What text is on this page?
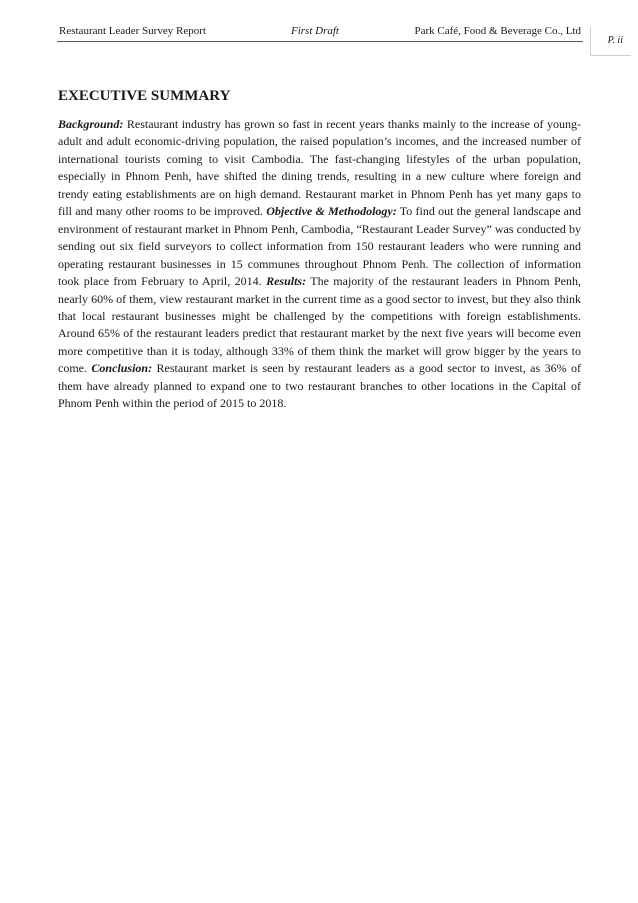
Restaurant Leader Survey Report	First Draft	Park Café, Food & Beverage Co., Ltd
P. ii
EXECUTIVE SUMMARY

Background: Restaurant industry has grown so fast in recent years thanks mainly to the increase of young-adult and adult economic-driving population, the raised population’s incomes, and the increased number of international tourists coming to visit Cambodia. The fast-changing lifestyles of the urban population, especially in Phnom Penh, have shifted the dining trends, resulting in a new culture where foreign and trendy eating establishments are on high demand. Restaurant market in Phnom Penh has yet many gaps to fill and many other rooms to be improved. Objective & Methodology: To find out the general landscape and environment of restaurant market in Phnom Penh, Cambodia, “Restaurant Leader Survey” was conducted by sending out six field surveyors to collect information from 150 restaurant leaders who were running and operating restaurant businesses in 15 communes throughout Phnom Penh. The collection of information took place from February to April, 2014. Results: The majority of the restaurant leaders in Phnom Penh, nearly 60% of them, view restaurant market in the current time as a good sector to invest, but they also think that local restaurant businesses might be challenged by the competitions with foreign establishments. Around 65% of the restaurant leaders predict that restaurant market by the next five years will become even more competitive than it is today, although 33% of them think the market will grow bigger by the years to come. Conclusion: Restaurant market is seen by restaurant leaders as a good sector to invest, as 36% of them have already planned to expand one to two restaurant branches to other locations in the Capital of Phnom Penh within the period of 2015 to 2018.
